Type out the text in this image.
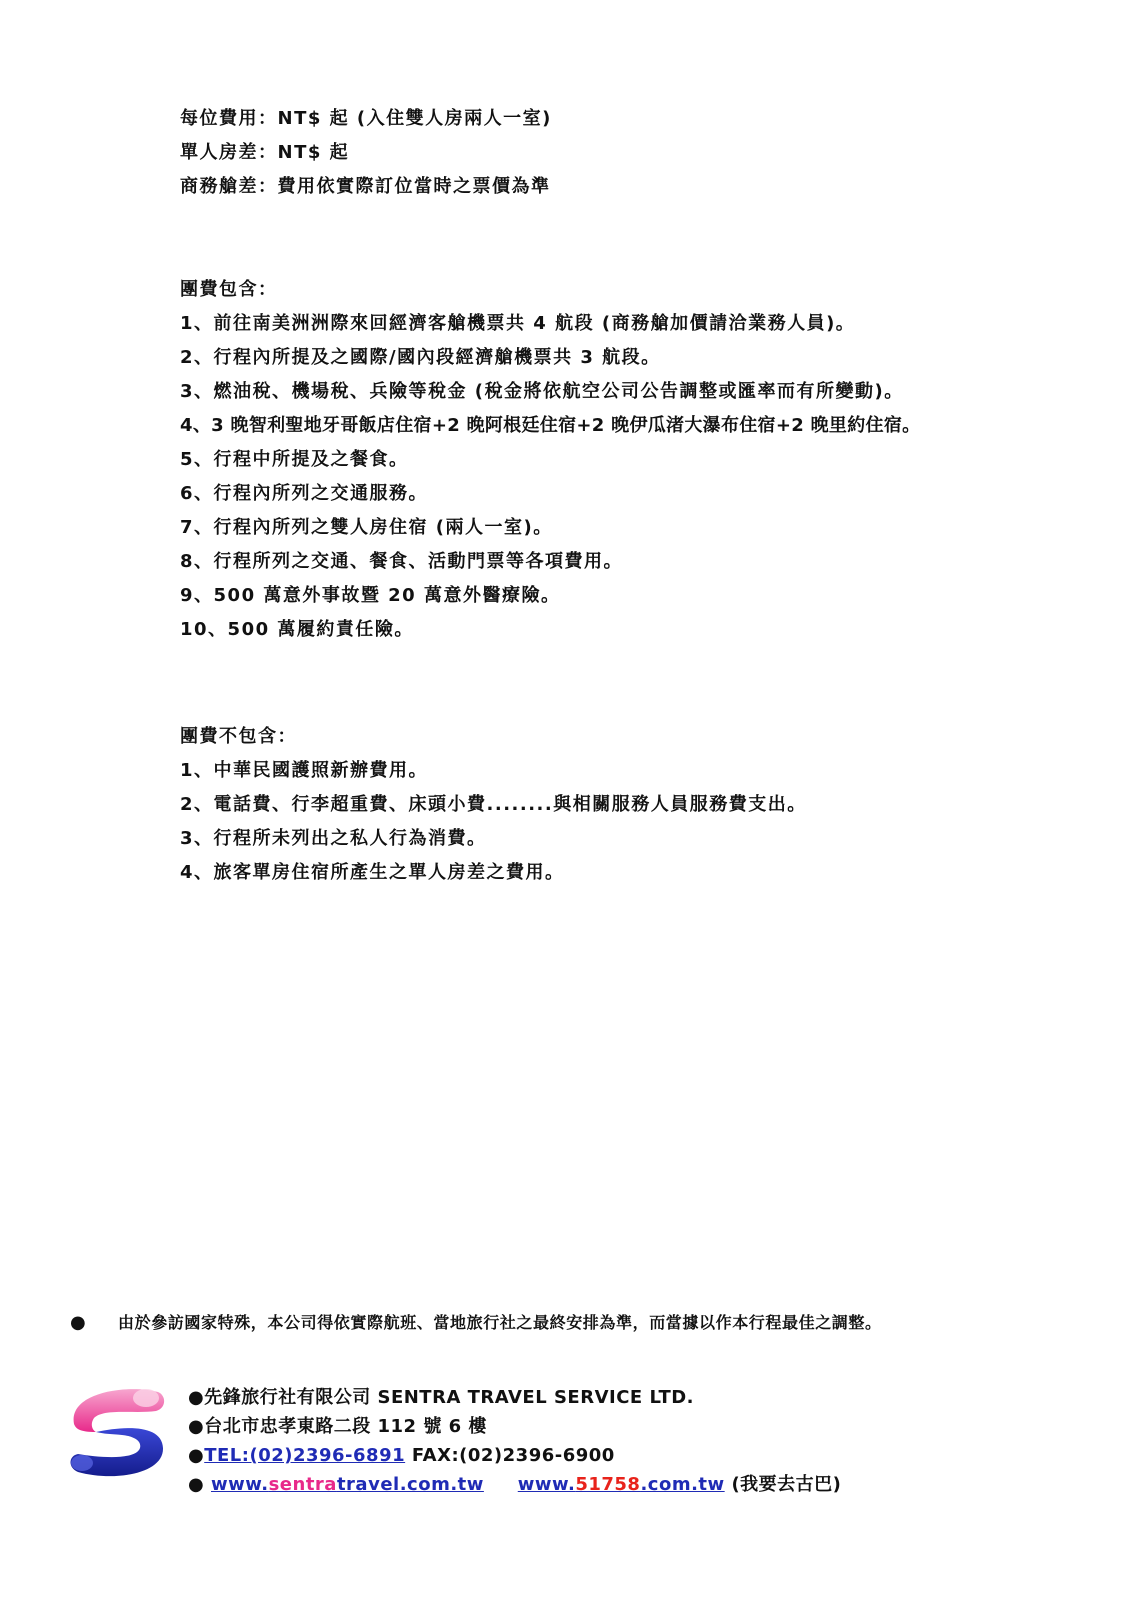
每位費用：NT$ 起 (入住雙人房兩人一室)
單人房差：NT$ 起
商務艙差：費用依實際訂位當時之票價為準
團費包含：
1、前往南美洲洲際來回經濟客艙機票共 4 航段 (商務艙加價請洽業務人員)。
2、行程內所提及之國際/國內段經濟艙機票共 3 航段。
3、燃油稅、機場稅、兵險等稅金 (稅金將依航空公司公告調整或匯率而有所變動)。
4、3 晚智利聖地牙哥飯店住宿+2 晚阿根廷住宿+2 晚伊瓜渚大瀑布住宿+2 晚里約住宿。
5、行程中所提及之餐食。
6、行程內所列之交通服務。
7、行程內所列之雙人房住宿 (兩人一室)。
8、行程所列之交通、餐食、活動門票等各項費用。
9、500 萬意外事故暨 20 萬意外醫療險。
10、500 萬履約責任險。
團費不包含：
1、中華民國護照新辦費用。
2、電話費、行李超重費、床頭小費........與相關服務人員服務費支出。
3、行程所未列出之私人行為消費。
4、旅客單房住宿所產生之單人房差之費用。
● 由於參訪國家特殊，本公司得依實際航班、當地旅行社之最終安排為準，而當據以作本行程最佳之調整。
●先鋒旅行社有限公司 SENTRA TRAVEL SERVICE LTD.
●台北市忠孝東路二段 112 號 6 樓
●TEL:(02)2396-6891 FAX:(02)2396-6900
● www.sentratravel.com.tw www.51758.com.tw (我要去古巴)
